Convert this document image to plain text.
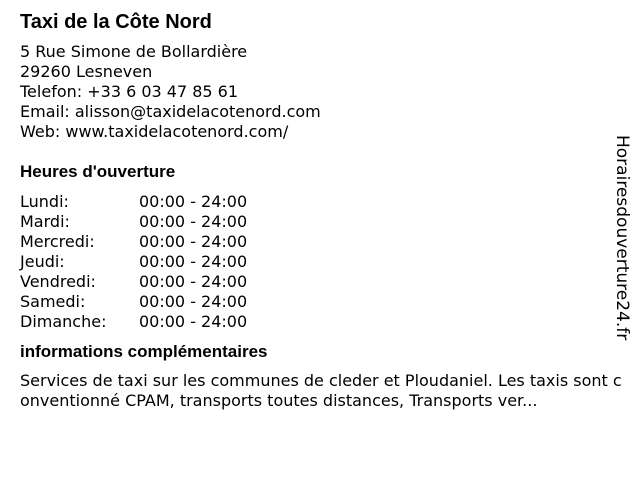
Taxi de la Côte Nord
5 Rue Simone de Bollardière
29260 Lesneven
Telefon: +33 6 03 47 85 61
Email: alisson@taxidelacotenord.com
Web: www.taxidelacotenord.com/
Heures d'ouverture
Lundi:	00:00 - 24:00
Mardi:	00:00 - 24:00
Mercredi:	00:00 - 24:00
Jeudi:	00:00 - 24:00
Vendredi:	00:00 - 24:00
Samedi:	00:00 - 24:00
Dimanche: 00:00 - 24:00
informations complémentaires
Services de taxi sur les communes de cleder et Ploudaniel. Les taxis sont conventionné CPAM, transports toutes distances, Transports ver...
Horairesdouverture24.fr
